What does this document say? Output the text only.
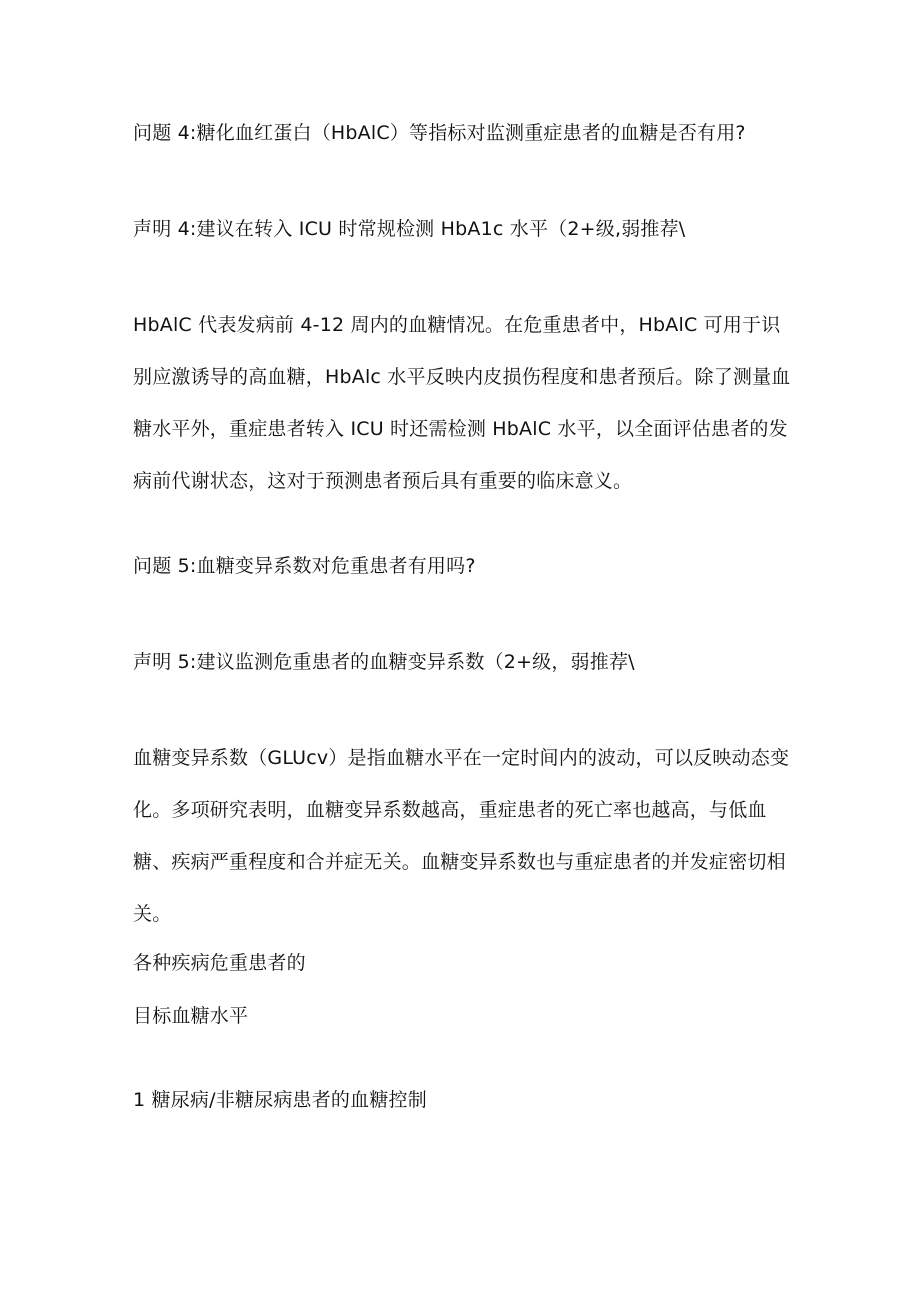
问题 4:糖化血红蛋白（HbAlC）等指标对监测重症患者的血糖是否有用?
声明 4:建议在转入 ICU 时常规检测 HbA1c 水平（2+级,弱推荐\
HbAlC 代表发病前 4-12 周内的血糖情况。在危重患者中，HbAlC 可用于识别应激诱导的高血糖，HbAlc 水平反映内皮损伤程度和患者预后。除了测量血糖水平外，重症患者转入 ICU 时还需检测 HbAlC 水平，以全面评估患者的发病前代谢状态，这对于预测患者预后具有重要的临床意义。
问题 5:血糖变异系数对危重患者有用吗?
声明 5:建议监测危重患者的血糖变异系数（2+级，弱推荐\
血糖变异系数（GLUcv）是指血糖水平在一定时间内的波动，可以反映动态变化。多项研究表明，血糖变异系数越高，重症患者的死亡率也越高，与低血糖、疾病严重程度和合并症无关。血糖变异系数也与重症患者的并发症密切相关。
各种疾病危重患者的
目标血糖水平
1 糖尿病/非糖尿病患者的血糖控制
